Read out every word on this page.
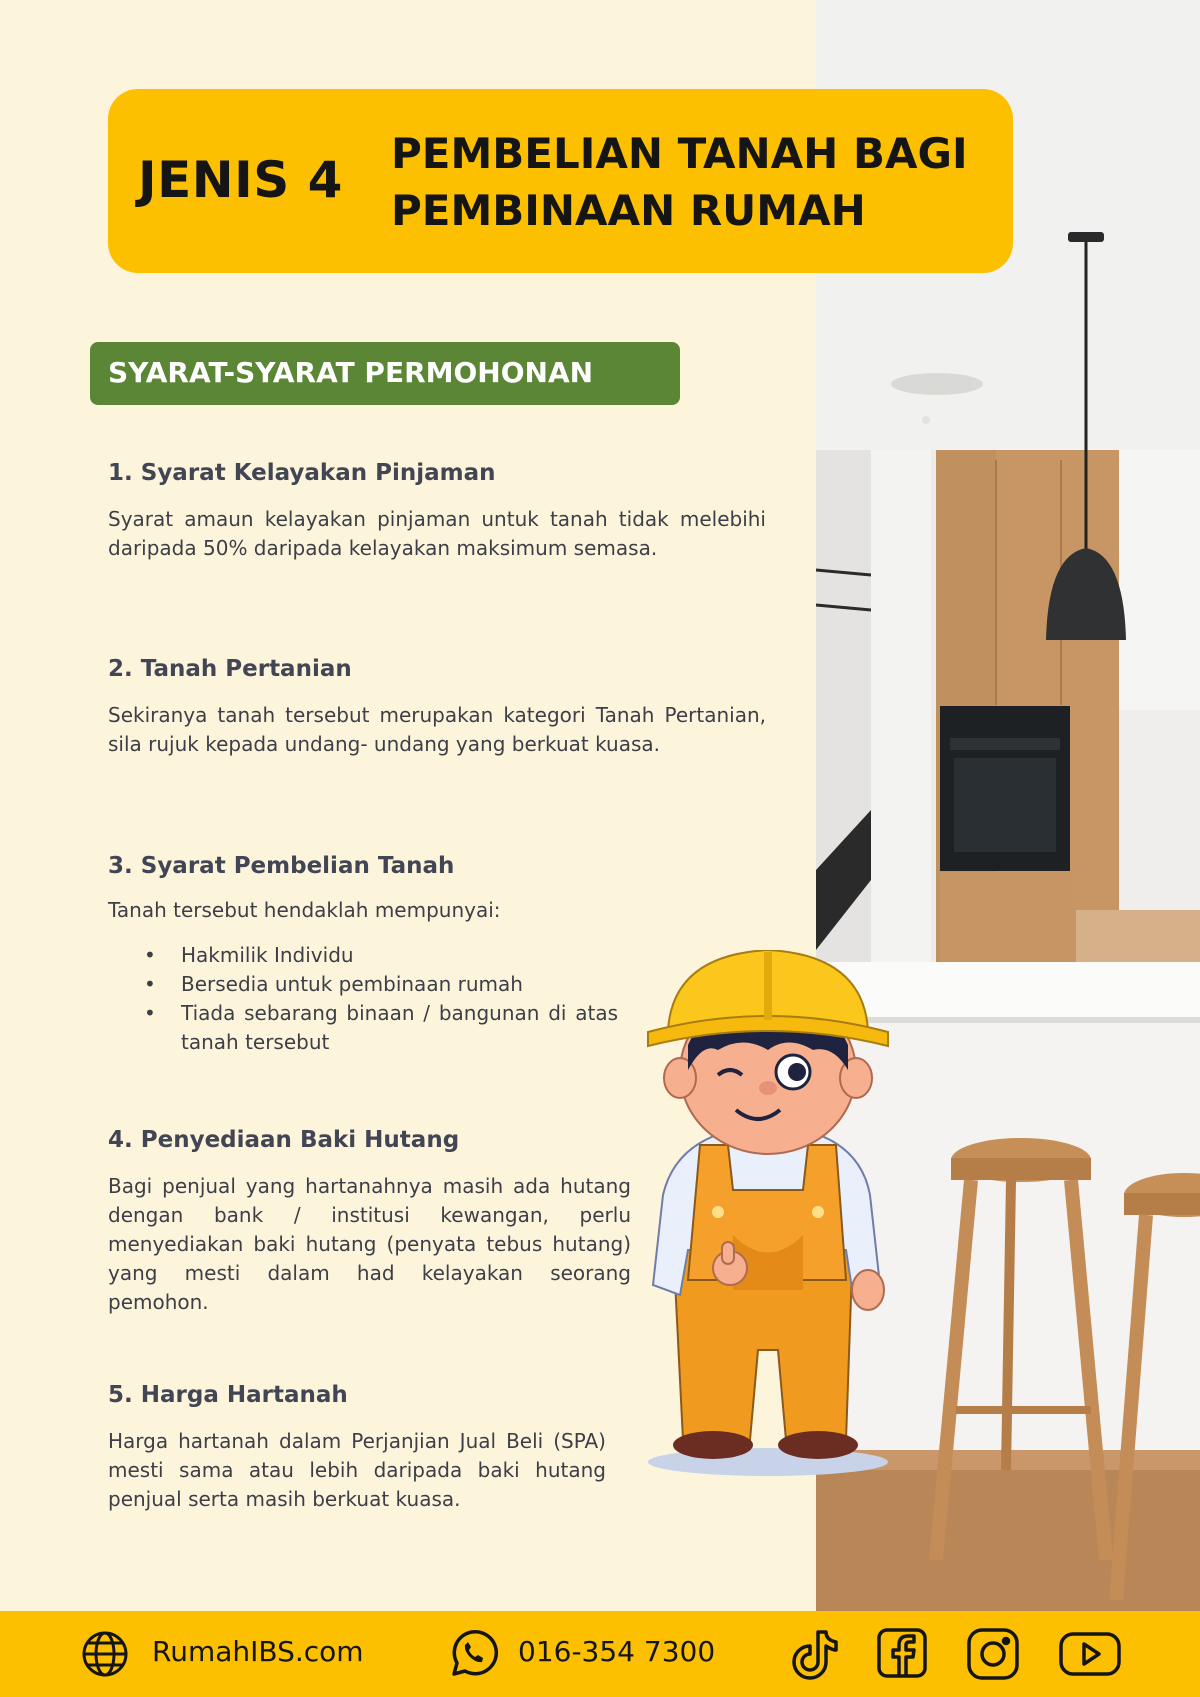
JENIS 4 PEMBELIAN TANAH BAGI
PEMBINAAN RUMAH
SYARAT-SYARAT PERMOHONAN
1. Syarat Kelayakan Pinjaman

Syarat amaun kelayakan pinjaman untuk tanah tidak melebihi daripada 50% daripada kelayakan maksimum semasa.

2. Tanah Pertanian

Sekiranya tanah tersebut merupakan kategori Tanah Pertanian, sila rujuk kepada undang- undang yang berkuat kuasa.

3. Syarat Pembelian Tanah

Tanah tersebut hendaklah mempunyai:

• Hakmilik Individu
• Bersedia untuk pembinaan rumah
• Tiada sebarang binaan / bangunan di atas tanah tersebut
4. Penyediaan Baki Hutang

Bagi penjual yang hartanahnya masih ada hutang dengan bank / institusi kewangan, perlu menyediakan baki hutang (penyata tebus hutang) yang mesti dalam had kelayakan seorang pemohon.

5. Harga Hartanah

Harga hartanah dalam Perjanjian Jual Beli (SPA) mesti sama atau lebih daripada baki hutang penjual serta masih berkuat kuasa.

RumahIBS.com	016-354 7300
